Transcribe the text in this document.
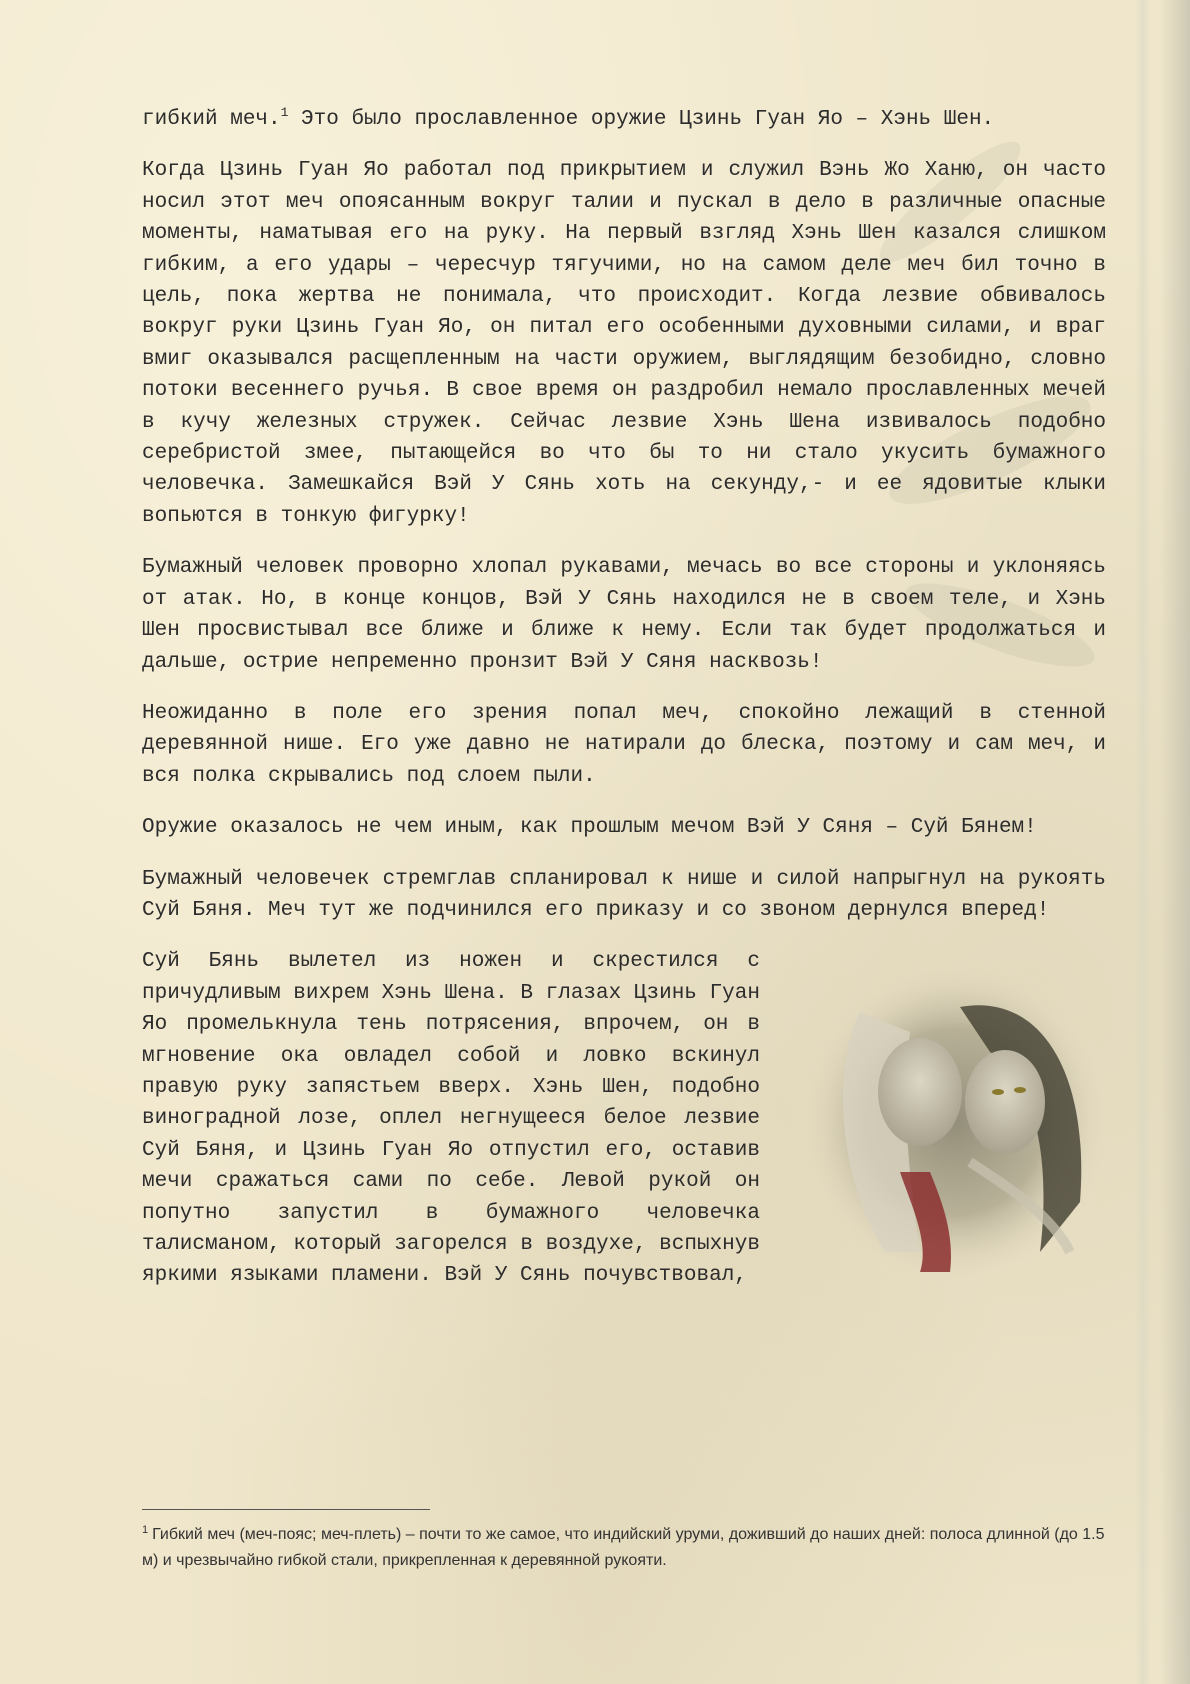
гибкий меч.$^1$ Это было прославленное оружие Цзинь Гуан Яо – Хэнь Шен.

Когда Цзинь Гуан Яо работал под прикрытием и служил Вэнь Жо Ханю, он часто носил этот меч опоясанным вокруг талии и пускал в дело в различные опасные моменты, наматывая его на руку. На первый взгляд Хэнь Шен казался слишком гибким, а его удары – чересчур тягучими, но на самом деле меч бил точно в цель, пока жертва не понимала, что происходит. Когда лезвие обвивалось вокруг руки Цзинь Гуан Яо, он питал его особенными духовными силами, и враг вмиг оказывался расщепленным на части оружием, выглядящим безобидно, словно потоки весеннего ручья. В свое время он раздробил немало прославленных мечей в кучу железных стружек. Сейчас лезвие Хэнь Шена извивалось подобно серебристой змее, пытающейся во что бы то ни стало укусить бумажного человечка. Замешкайся Вэй У Сянь хоть на секунду,- и ее ядовитые клыки вопьются в тонкую фигурку!

Бумажный человек проворно хлопал рукавами, мечась во все стороны и уклоняясь от атак. Но, в конце концов, Вэй У Сянь находился не в своем теле, и Хэнь Шен просвистывал все ближе и ближе к нему. Если так будет продолжаться и дальше, острие непременно пронзит Вэй У Сяня насквозь!

Неожиданно в поле его зрения попал меч, спокойно лежащий в стенной деревянной нише. Его уже давно не натирали до блеска, поэтому и сам меч, и вся полка скрывались под слоем пыли.

Оружие оказалось не чем иным, как прошлым мечом Вэй У Сяня – Суй Бянем!

Бумажный человечек стремглав спланировал к нише и силой напрыгнул на рукоять Суй Бяня. Меч тут же подчинился его приказу и со звоном дернулся вперед!

Суй Бянь вылетел из ножен и скрестился с причудливым вихрем Хэнь Шена. В глазах Цзинь Гуан Яо промелькнула тень потрясения, впрочем, он в мгновение ока овладел собой и ловко вскинул правую руку запястьем вверх. Хэнь Шен, подобно виноградной лозе, оплел негнущееся белое лезвие Суй Бяня, и Цзинь Гуан Яо отпустил его, оставив мечи сражаться сами по себе. Левой рукой он попутно запустил в бумажного человечка талисманом, который загорелся в воздухе, вспыхнув яркими языками пламени. Вэй У Сянь почувствовал,

$^1$ Гибкий меч (меч-пояс; меч-плеть) – почти то же самое, что индийский уруми, доживший до наших дней: полоса длинной (до 1.5 м) и чрезвычайно гибкой стали, прикрепленная к деревянной рукояти.
